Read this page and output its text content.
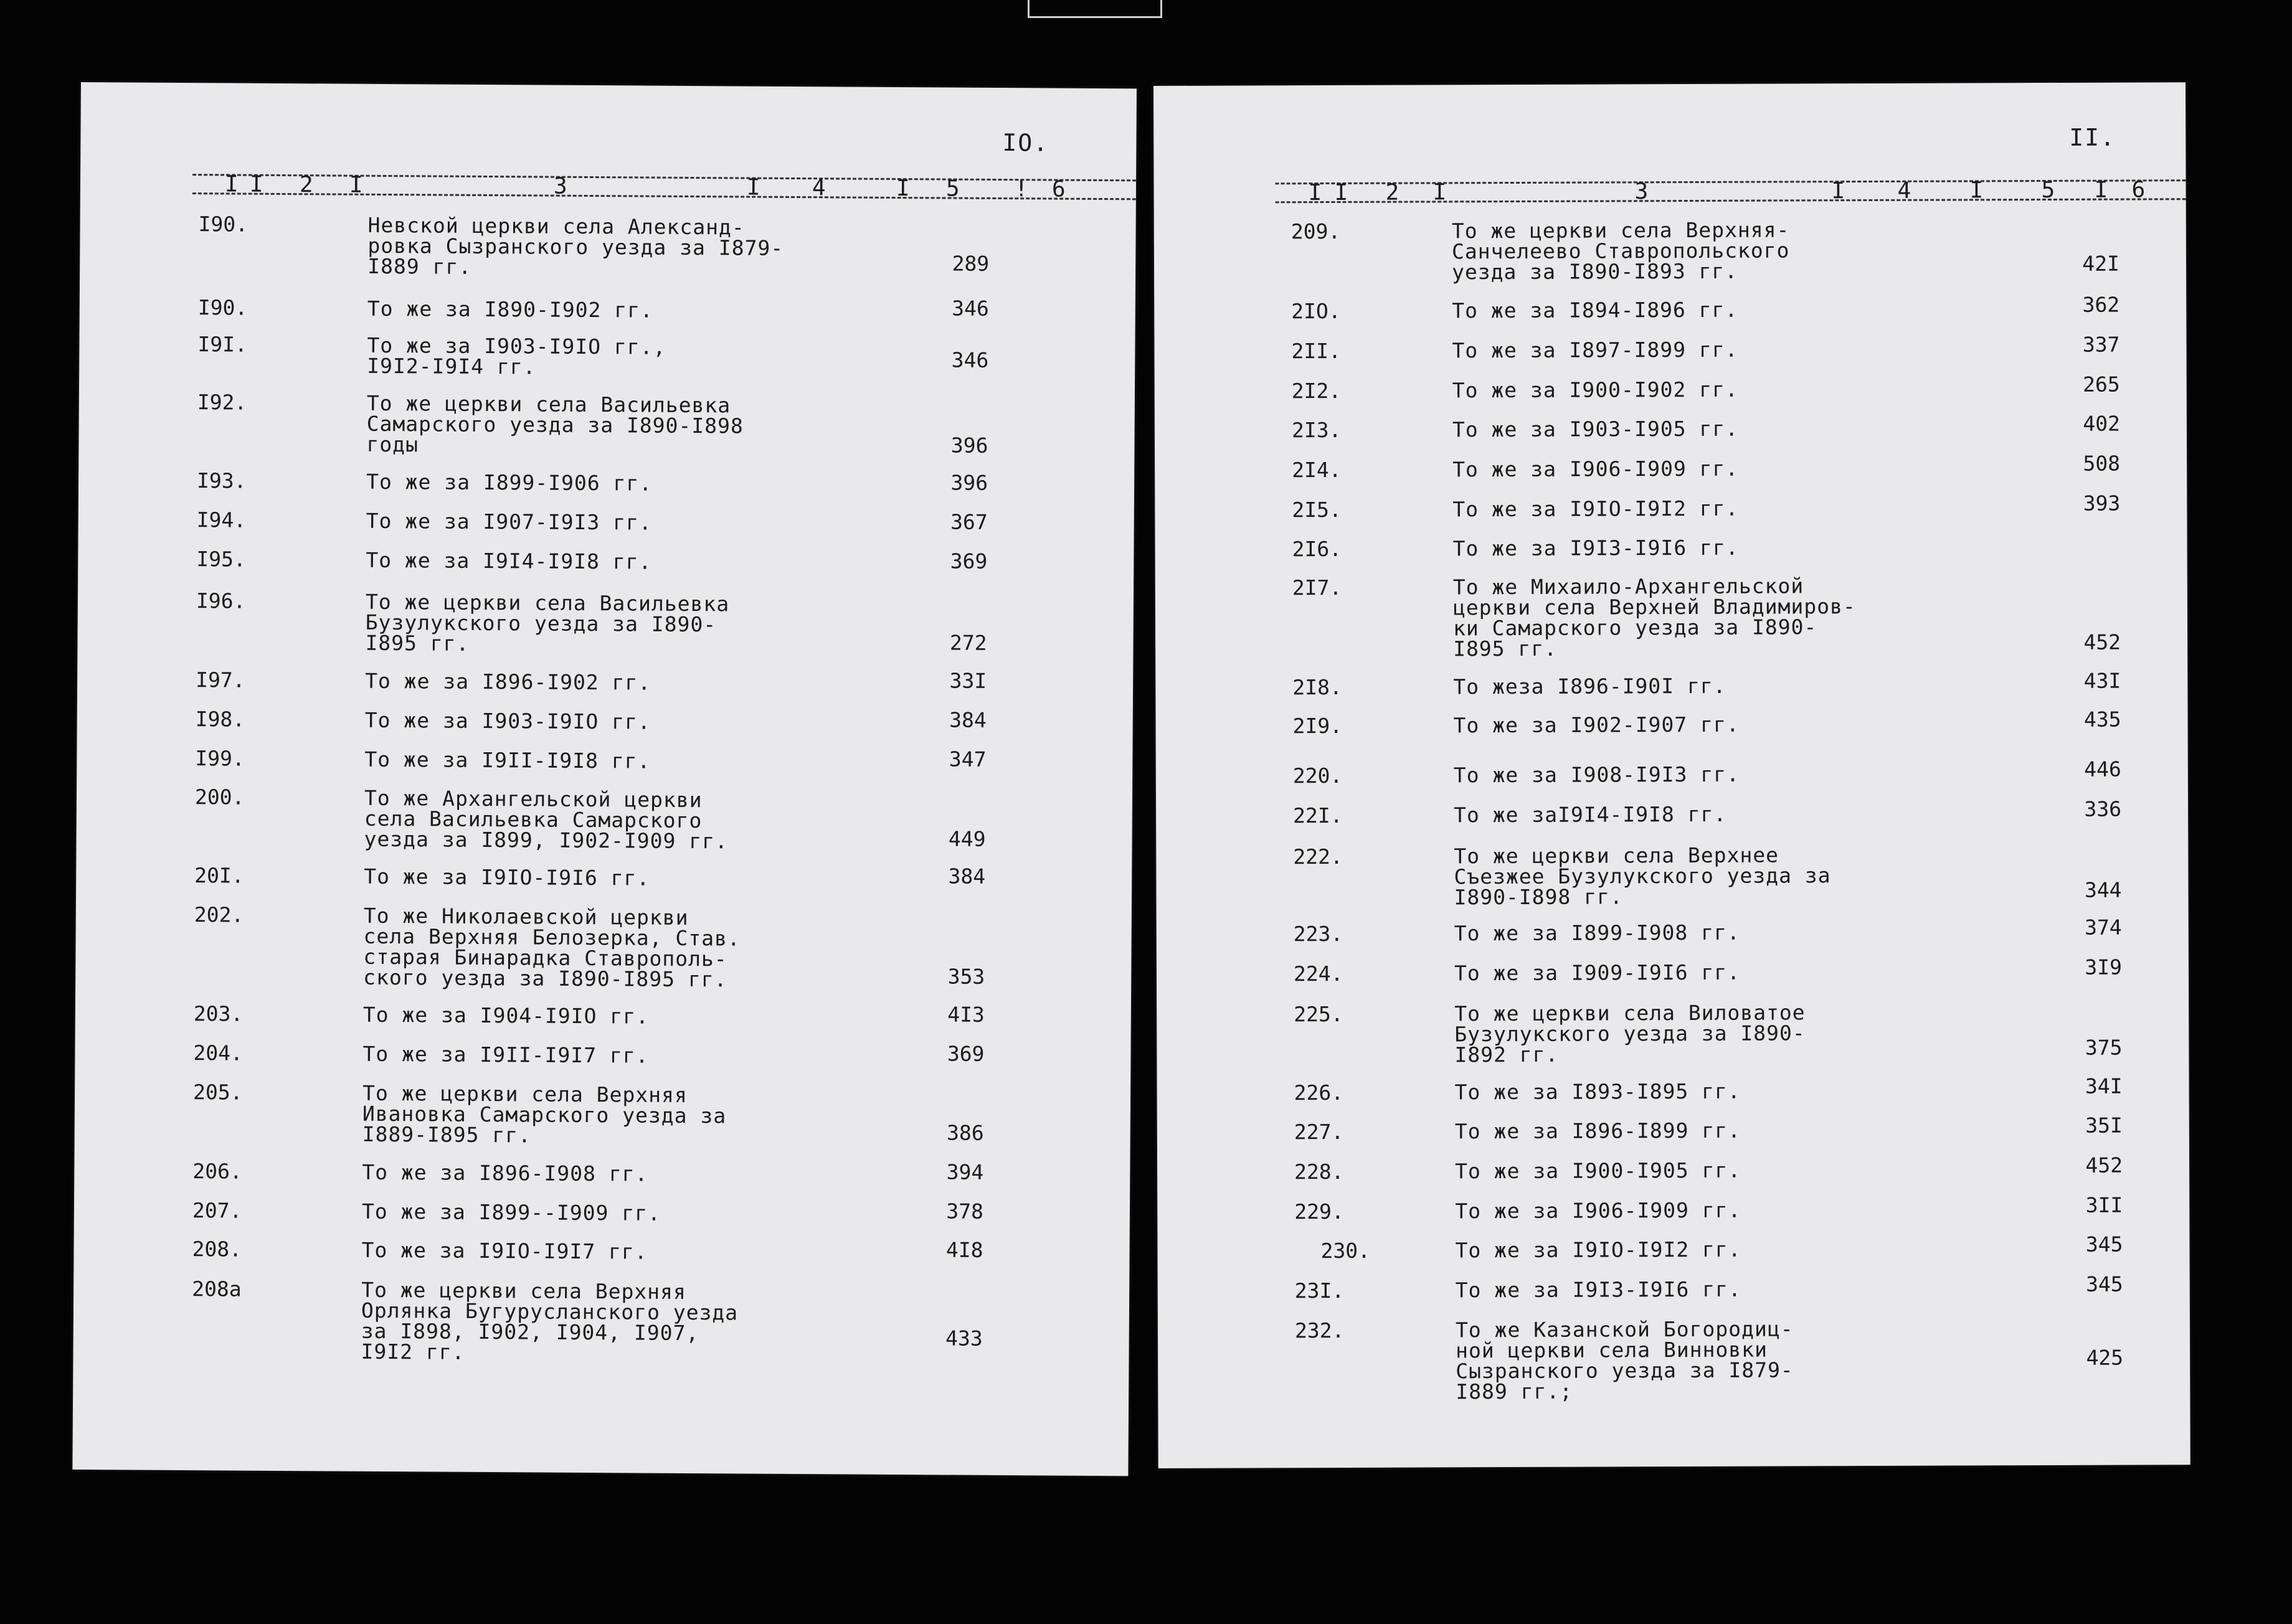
IO.
I I 2 I	3	I 4	I 5 ! 6
I90.	Невской церкви села Александ-
ровка Сызранского уезда за I879-
I889 гг.	289
I90.	То же за I890-I902 гг.	346
I9I.	То же за I903-I9IO гг.,
I9I2-I9I4 гг.	346
I92.	То же церкви села Васильевка
Самарского уезда за I890-I898
годы	396
I93.	То же за I899-I906 гг.	396
I94.	То же за I907-I9I3 гг.	367
I95.	То же за I9I4-I9I8 гг.	369
I96.	То же церкви села Васильевка
Бузулукского уезда за I890-
I895 гг.	272
I97.	То же за I896-I902 гг.	33I
I98.	То же за I903-I9IO гг.	384
I99.	То же за I9II-I9I8 гг.	347
200.	То же Архангельской церкви
села Васильевка Самарского
уезда за I899, I902-I909 гг.	449
20I.	То же за I9IO-I9I6 гг.	384
202.	То же Николаевской церкви
села Верхняя Белозерка, Став.
старая Бинарадка Ставрополь-
ского уезда за I890-I895 гг.	353
203.	То же за I904-I9IO гг.	4I3
204.	То же за I9II-I9I7 гг.	369
205.	То же церкви села Верхняя
Ивановка Самарского уезда за
I889-I895 гг.	386
206.	То же за I896-I908 гг.	394
207.	То же за I899--I909 гг.	378
208.	То же за I9IO-I9I7 гг.	4I8
208а	То же церкви села Верхняя
Орлянка Бугурусланского уезда
за I898, I902, I904, I907,
I9I2 гг.
433
II.
I I 2 I	3	I 4	I	5 I 6
209.	То же церкви села Верхняя-
Санчелеево Ставропольского
уезда за I890-I893 гг.	42I
2IO.	То же за I894-I896 гг.	362
2II.	То же за I897-I899 гг.	337
2I2.	То же за I900-I902 гг.	265
2I3.	То же за I903-I905 гг.	402
2I4.	То же за I906-I909 гг.	508
2I5.	То же за I9IO-I9I2 гг.	393
2I6.	То же за I9I3-I9I6 гг.
2I7.	То же Михаило-Архангельской
церкви села Верхней Владимиров-
ки Самарского уезда за I890-
I895 гг.	452
2I8.	То жеза I896-I90I гг.	43I
2I9.	То же за I902-I907 гг.	435
220.	То же за I908-I9I3 гг.	446
22I.	То же заI9I4-I9I8 гг.	336
222.	То же церкви села Верхнее
Съезжее Бузулукского уезда за
I890-I898 гг.	344
223.	То же за I899-I908 гг.	374
224.	То же за I909-I9I6 гг.	3I9
225.	То же церкви села Виловатое
Бузулукского уезда за I890-
I892 гг.	375
226.	То же за I893-I895 гг.	34I
227.	То же за I896-I899 гг.	35I
228.	То же за I900-I905 гг.	452
229.	То же за I906-I909 гг.	3II
230.	То же за I9IO-I9I2 гг.	345
23I.	То же за I9I3-I9I6 гг.	345
232.	То же Казанской Богородиц-
ной церкви села Винновки
Сызранского уезда за I879-
I889 гг.;
425
